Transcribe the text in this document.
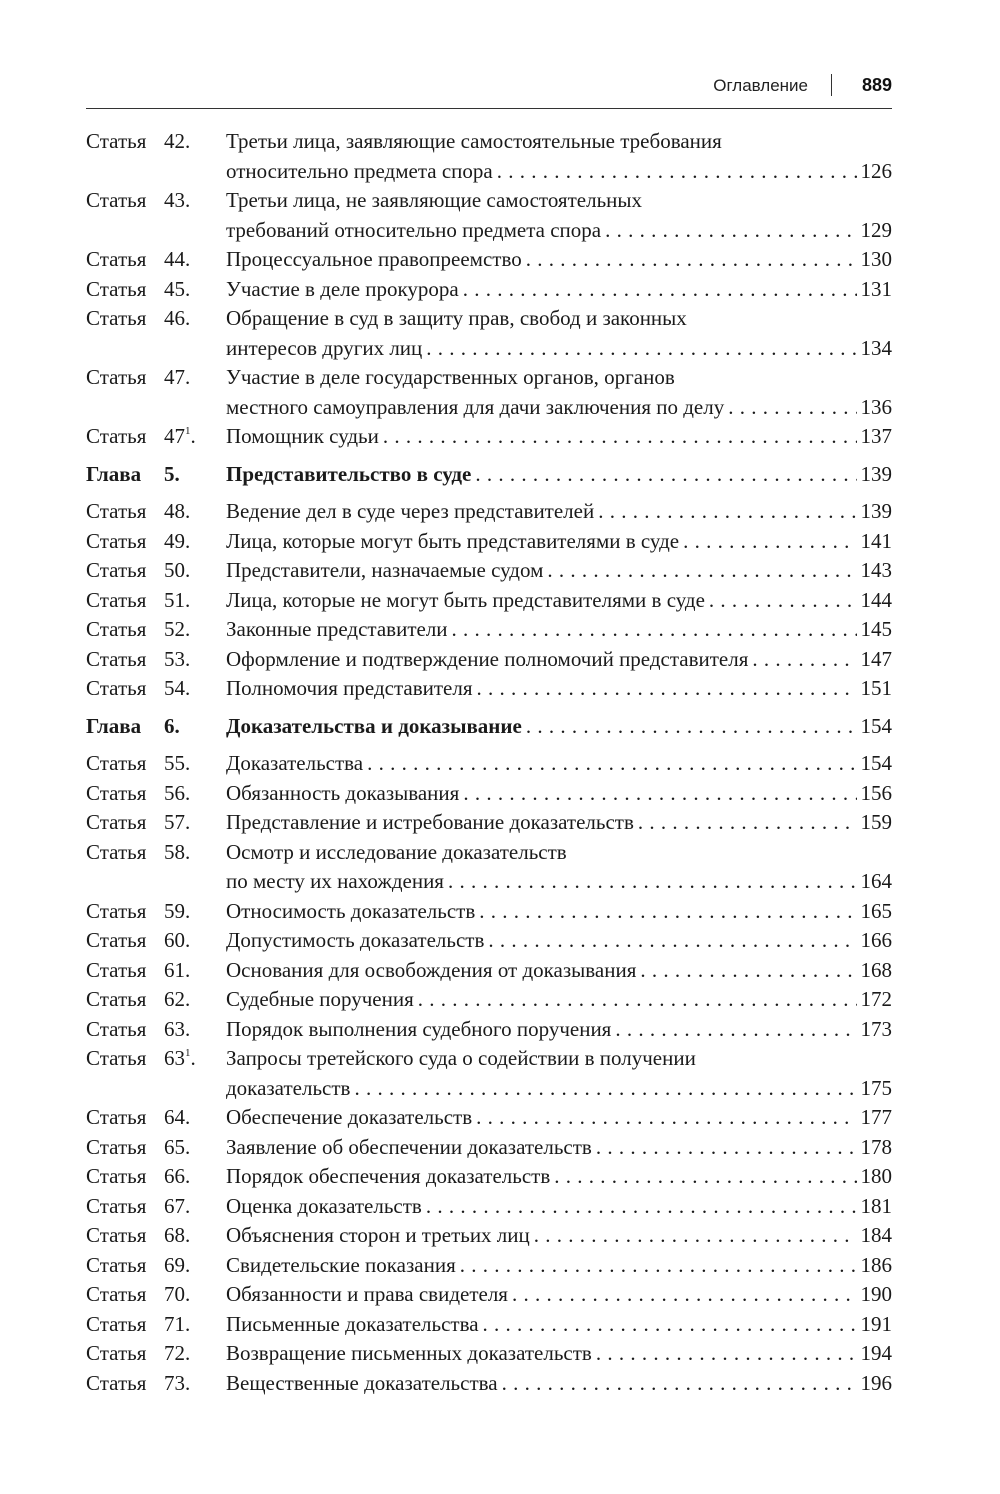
Оглавление	889
Статья 42.	Третьи лица, заявляющие самостоятельные требования
относительно предмета спора . . .	126
Статья 43.	Третьи лица, не заявляющие самостоятельных
требований относительно предмета спора . . .	129
Статья 44.	Процессуальное правопреемство . . .	130
Статья 45.	Участие в деле прокурора . . .	131
Статья 46.	Обращение в суд в защиту прав, свобод и законных
интересов других лиц . . .	134
Статья 47.	Участие в деле государственных органов, органов
местного самоуправления для дачи заключения по делу . . .	136
Статья $47^1$.	Помощник судьи . . .	137
Глава 5.	Представительство в суде . . .	139
Статья 48.	Ведение дел в суде через представителей . . .	139
Статья 49.	Лица, которые могут быть представителями в суде . . .	141
Статья 50.	Представители, назначаемые судом . . .	143
Статья 51.	Лица, которые не могут быть представителями в суде . . .	144
Статья 52.	Законные представители . . .	145
Статья 53.	Оформление и подтверждение полномочий представителя . . .	147
Статья 54.	Полномочия представителя . . .	151
Глава 6.	Доказательства и доказывание . . .	154
Статья 55.	Доказательства . . .	154
Статья 56.	Обязанность доказывания . . .	156
Статья 57.	Представление и истребование доказательств . . .	159
Статья 58.	Осмотр и исследование доказательств
по месту их нахождения . . .	164
Статья 59.	Относимость доказательств . . .	165
Статья 60.	Допустимость доказательств . . .	166
Статья 61.	Основания для освобождения от доказывания . . .	168
Статья 62.	Судебные поручения . . .	172
Статья 63.	Порядок выполнения судебного поручения . . .	173
Статья $63^1$.	Запросы третейского суда о содействии в получении
доказательств . . .	175
Статья 64.	Обеспечение доказательств . . .	177
Статья 65.	Заявление об обеспечении доказательств . . .	178
Статья 66.	Порядок обеспечения доказательств . . .	180
Статья 67.	Оценка доказательств . . .	181
Статья 68.	Объяснения сторон и третьих лиц . . .	184
Статья 69.	Свидетельские показания . . .	186
Статья 70.	Обязанности и права свидетеля . . .	190
Статья 71.	Письменные доказательства . . .	191
Статья 72.	Возвращение письменных доказательств . . .	194
Статья 73.	Вещественные доказательства . . .	196
